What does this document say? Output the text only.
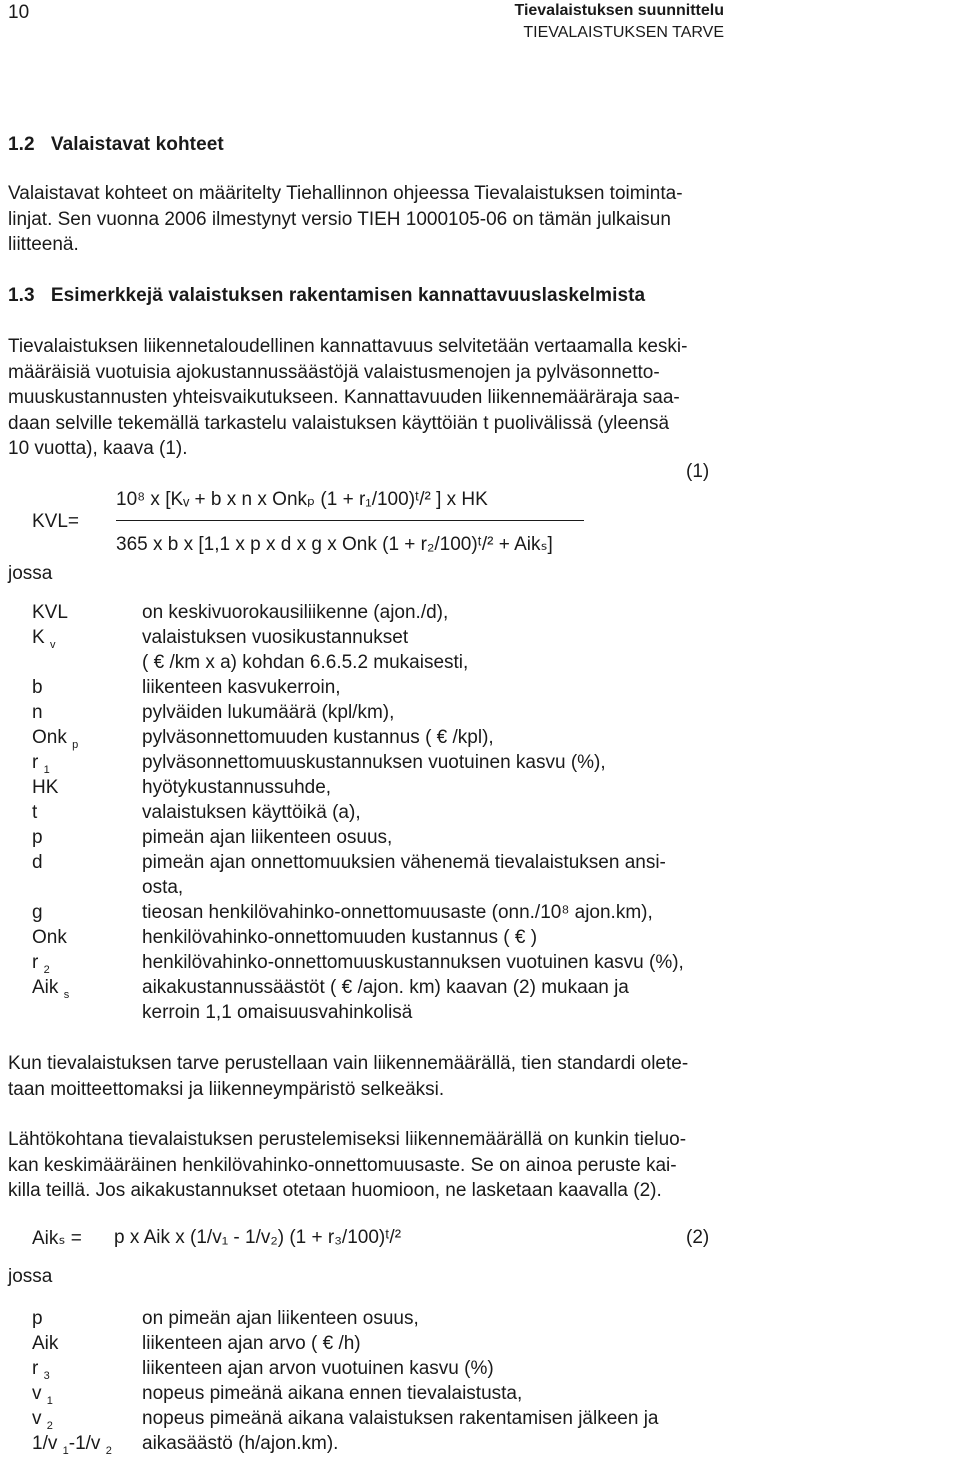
10	Tievalaistuksen suunnittelu
TIEVALAISTUKSEN TARVE
1.2   Valaistavat kohteet
Valaistavat kohteet on määritelty Tiehallinnon ohjeessa Tievalaistuksen toiminta-
linjat. Sen vuonna 2006 ilmestynyt versio TIEH 1000105-06 on tämän julkaisun
liitteenä.
1.3   Esimerkkejä valaistuksen rakentamisen kannattavuuslaskelmista
Tievalaistuksen liikennetaloudellinen kannattavuus selvitetään vertaamalla keski-
määräisiä vuotuisia ajokustannussäästöjä valaistusmenojen ja pylväsonnetto-
muuskustannusten yhteisvaikutukseen. Kannattavuuden liikennemääräraja saa-
daan selville tekemällä tarkastelu valaistuksen käyttöiän t puolivälissä (yleensä
10 vuotta), kaava (1).
(1)
10⁸ x [Kᵥ + b x n x Onkₚ (1 + r₁/100)ᵗ/² ] x HK
KVL=
365 x b x [1,1 x p x d x g x Onk (1 + r₂/100)ᵗ/² + Aikₛ]
jossa
KVL	on keskivuorokausiliikenne (ajon./d),
K $_v$	valaistuksen vuosikustannukset
( € /km x a) kohdan 6.6.5.2 mukaisesti,
b	liikenteen kasvukerroin,
n	pylväiden lukumäärä (kpl/km),
Onk $_p$	pylväsonnettomuuden kustannus ( € /kpl),
r $_1$	pylväsonnettomuuskustannuksen vuotuinen kasvu (%),
HK	hyötykustannussuhde,
t	valaistuksen käyttöikä (a),
p	pimeän ajan liikenteen osuus,
d	pimeän ajan onnettomuuksien vähenemä tievalaistuksen ansi-
osta,
g	tieosan henkilövahinko-onnettomuusaste (onn./10⁸ ajon.km),
Onk	henkilövahinko-onnettomuuden kustannus ( € )
r $_2$	henkilövahinko-onnettomuuskustannuksen vuotuinen kasvu (%),
Aik $_s$	aikakustannussäästöt ( € /ajon. km) kaavan (2) mukaan ja
kerroin 1,1 omaisuusvahinkolisä
Kun tievalaistuksen tarve perustellaan vain liikennemäärällä, tien standardi olete-
taan moitteettomaksi ja liikenneympäristö selkeäksi.
Lähtökohtana tievalaistuksen perustelemiseksi liikennemäärällä on kunkin tieluo-
kan keskimääräinen henkilövahinko-onnettomuusaste. Se on ainoa peruste kai-
killa teillä. Jos aikakustannukset otetaan huomioon, ne lasketaan kaavalla (2).
Aikₛ = p x Aik x (1/v₁ - 1/v₂) (1 + r₃/100)ᵗ/²	(2)
jossa
p	on pimeän ajan liikenteen osuus,
Aik	liikenteen ajan arvo ( € /h)
r $_3$	liikenteen ajan arvon vuotuinen kasvu (%)
v $_1$	nopeus pimeänä aikana ennen tievalaistusta,
v $_2$	nopeus pimeänä aikana valaistuksen rakentamisen jälkeen ja
1/v $_1$-1/v $_2$	aikasäästö (h/ajon.km).
